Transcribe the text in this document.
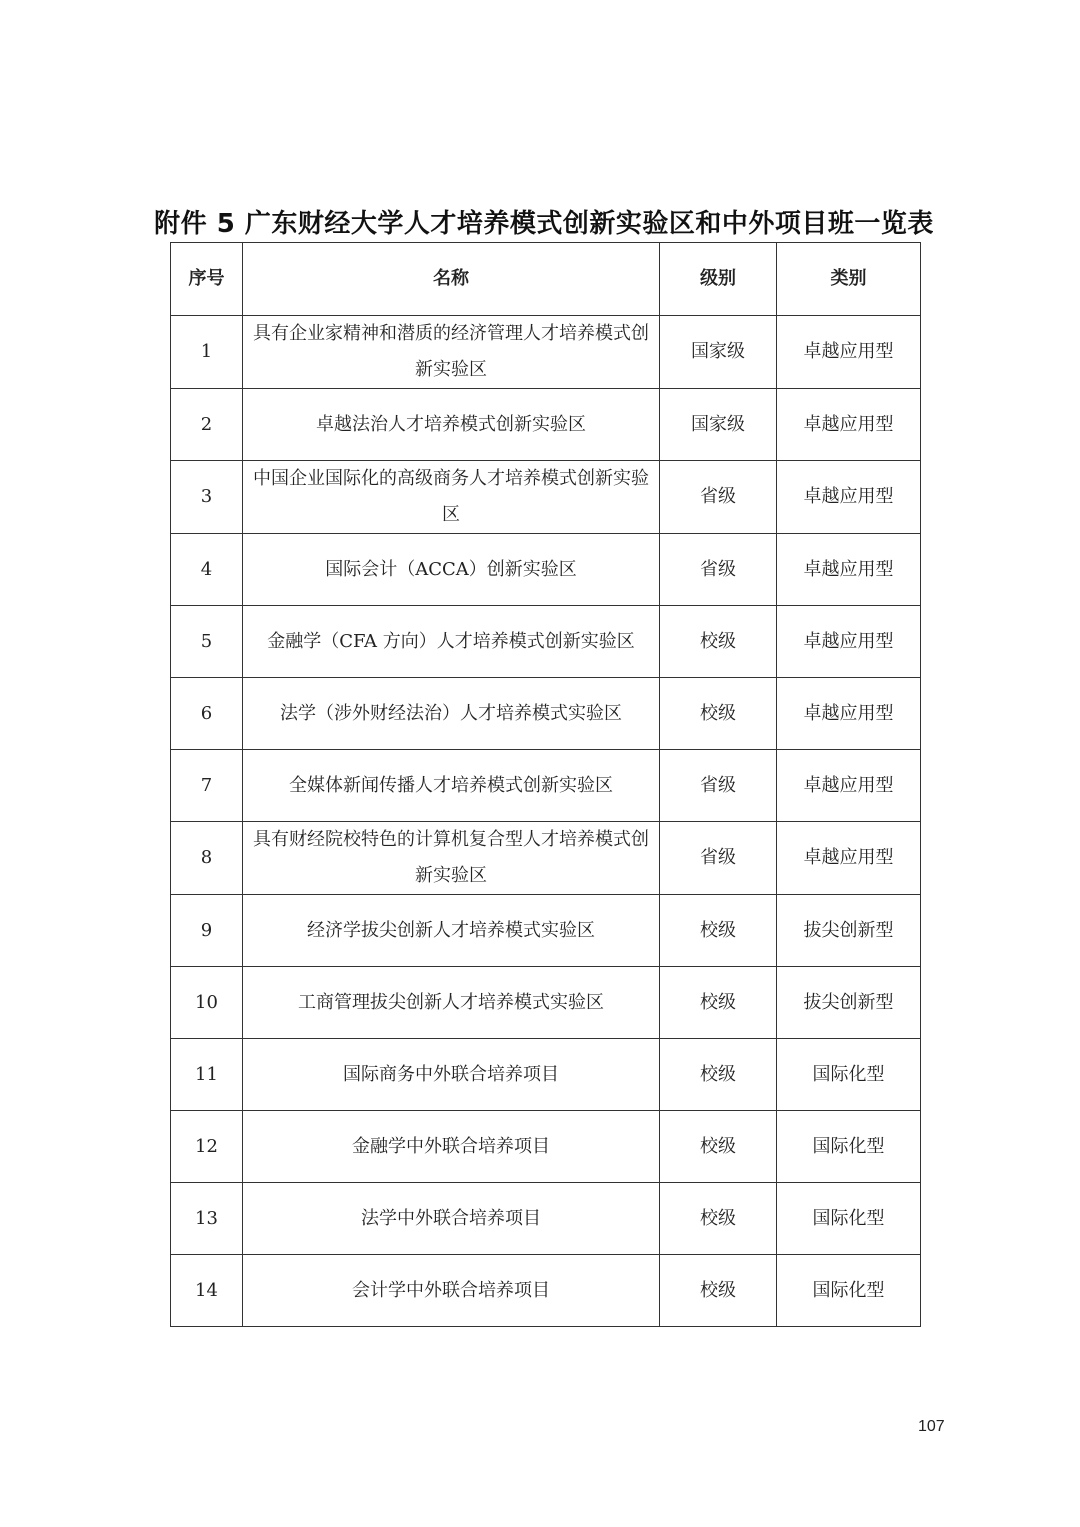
附件 5 广东财经大学人才培养模式创新实验区和中外项目班一览表
序号	名称	级别	类别
1	具有企业家精神和潜质的经济管理人才培养模式创新实验区	国家级	卓越应用型
2	卓越法治人才培养模式创新实验区	国家级	卓越应用型
3	中国企业国际化的高级商务人才培养模式创新实验区	省级	卓越应用型
4	国际会计（ACCA）创新实验区	省级	卓越应用型
5	金融学（CFA 方向）人才培养模式创新实验区	校级	卓越应用型
6	法学（涉外财经法治）人才培养模式实验区	校级	卓越应用型
7	全媒体新闻传播人才培养模式创新实验区	省级	卓越应用型
8	具有财经院校特色的计算机复合型人才培养模式创新实验区	省级	卓越应用型
9	经济学拔尖创新人才培养模式实验区	校级	拔尖创新型
10	工商管理拔尖创新人才培养模式实验区	校级	拔尖创新型
11	国际商务中外联合培养项目	校级	国际化型
12	金融学中外联合培养项目	校级	国际化型
13	法学中外联合培养项目	校级	国际化型
14	会计学中外联合培养项目	校级	国际化型
107
